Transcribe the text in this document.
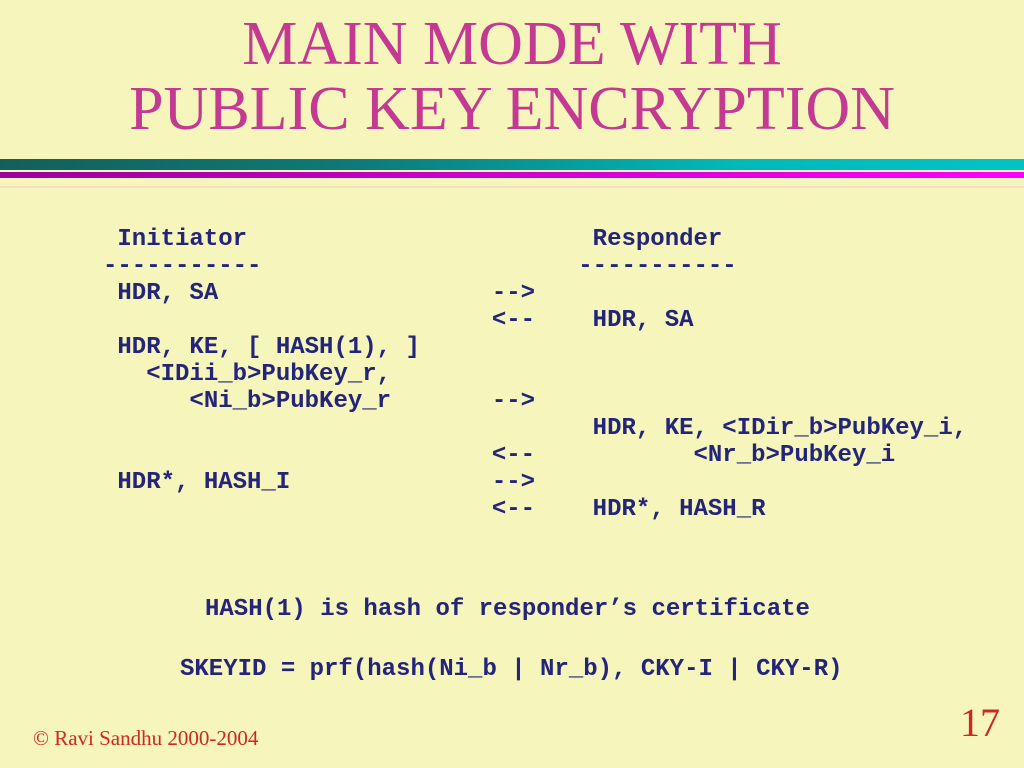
MAIN MODE WITH
PUBLIC KEY ENCRYPTION
Initiator                        Responder
-----------                      -----------
HDR, SA                   -->
<--    HDR, SA
HDR, KE, [ HASH(1), ]
<IDii_b>PubKey_r,
<Ni_b>PubKey_r       -->
HDR, KE, <IDir_b>PubKey_i,
<--           <Nr_b>PubKey_i
HDR*, HASH_I              -->
<--    HDR*, HASH_R
HASH(1) is hash of responder’s certificate
SKEYID = prf(hash(Ni_b | Nr_b), CKY-I | CKY-R)
© Ravi Sandhu 2000-2004	17
